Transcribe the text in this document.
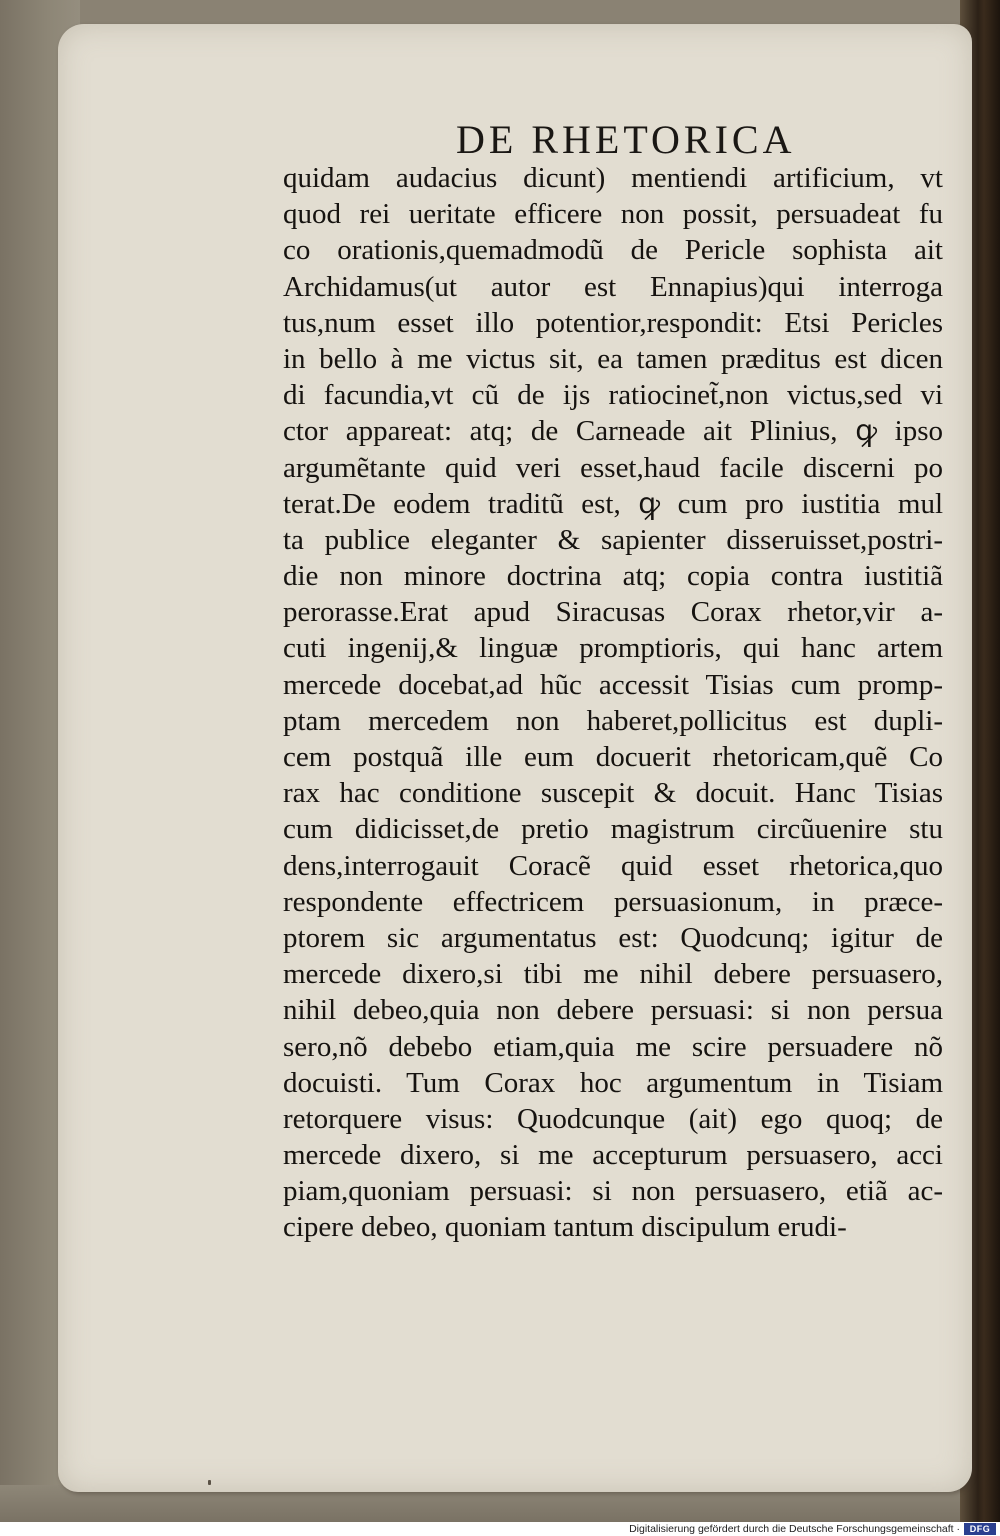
DE RHETORICA
quidam audacius dicunt) mentiendi artificium, vt
quod rei ueritate efficere non possit, persuadeat fu
co orationis,quemadmodũ de Pericle sophista ait
Archidamus(ut autor est Ennapius)qui interroga
tus,num esset illo potentior,respondit: Etsi Pericles
in bello à me victus sit, ea tamen præditus est dicen
di facundia,vt cũ de ijs ratiocinet̃,non victus,sed vi
ctor appareat: atq; de Carneade ait Plinius, ꝙ ipso
argumẽtante quid veri esset,haud facile discerni po
terat.De eodem traditũ est, ꝙ cum pro iustitia mul
ta publice eleganter & sapienter disseruisset,postri-
die non minore doctrina atq; copia contra iustitiã
perorasse.Erat apud Siracusas Corax rhetor,vir a-
cuti ingenij,& linguæ promptioris, qui hanc artem
mercede docebat,ad hũc accessit Tisias cum promp-
ptam mercedem non haberet,pollicitus est dupli-
cem postquã ille eum docuerit rhetoricam,quẽ Co
rax hac conditione suscepit & docuit. Hanc Tisias
cum didicisset,de pretio magistrum circũuenire stu
dens,interrogauit Coracẽ quid esset rhetorica,quo
respondente effectricem persuasionum, in præce-
ptorem sic argumentatus est: Quodcunq; igitur de
mercede dixero,si tibi me nihil debere persuasero,
nihil debeo,quia non debere persuasi: si non persua
sero,nõ debebo etiam,quia me scire persuadere nõ
docuisti. Tum Corax hoc argumentum in Tisiam
retorquere visus: Quodcunque (ait) ego quoq; de
mercede dixero, si me accepturum persuasero, acci
piam,quoniam persuasi: si non persuasero, etiã ac-
cipere debeo, quoniam tantum discipulum erudi-
Digitalisierung gefördert durch die Deutsche Forschungsgemeinschaft ·	DFG
